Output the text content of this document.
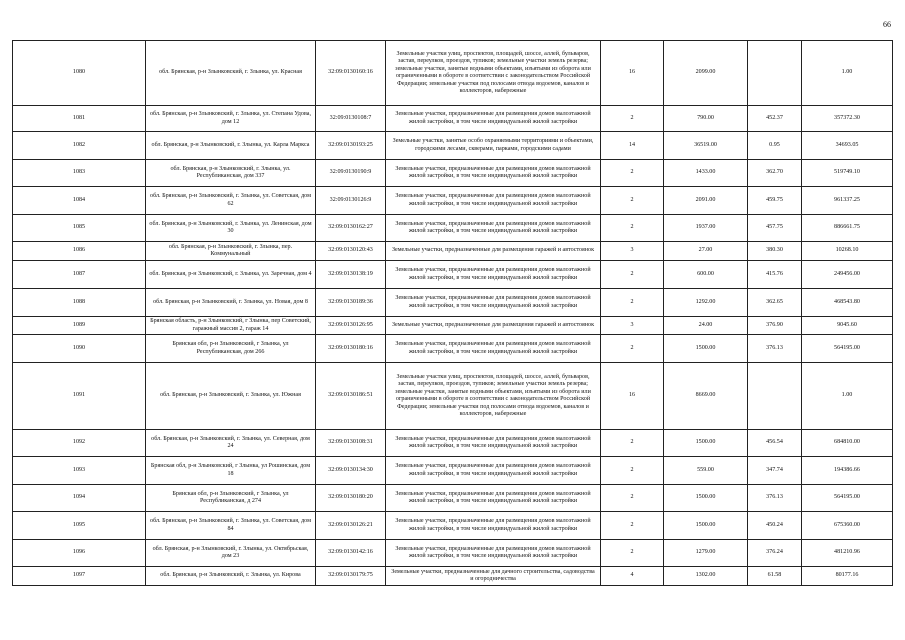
66
1080	обл. Брянская, р-н Злынковский, г. Злынка, ул. Красная	32:09:0130160:16	Земельные участки улиц, проспектов, площадей, шоссе, аллей, бульваров, застав, переулков, проездов, тупиков; земельные участки земель резерва; земельные участки, занятые водными объектами, изъятыми из оборота или ограниченными в обороте в соответствии с законодательством Российской Федерации; земельные участки под полосами отвода водоемов, каналов и коллекторов, набережные	16	2099.00		1.00
1081	обл. Брянская, р-н Злынковский, г. Злынка, ул. Степана Удова, дом 12	32:09:0130108:7	Земельные участки, предназначенные для размещения домов малоэтажной жилой застройки, в том числе индивидуальной жилой застройки	2	790.00	452.37	357372.30
1082	обл. Брянская, р-н Злынковский, г. Злынка, ул. Карла Маркса	32:09:0130193:25	Земельные участки, занятые особо охраняемыми территориями и объектами, городскими лесами, скверами, парками, городскими садами	14	36519.00	0.95	34693.05
1083	обл. Брянская, р-н Злынковский, г. Злынка, ул. Республиканская, дом 337	32:09:0130190:9	Земельные участки, предназначенные для размещения домов малоэтажной жилой застройки, в том числе индивидуальной жилой застройки	2	1433.00	362.70	519749.10
1084	обл. Брянская, р-н Злынковский, г. Злынка, ул. Советская, дом 62	32:09:0130126:9	Земельные участки, предназначенные для размещения домов малоэтажной жилой застройки, в том числе индивидуальной жилой застройки	2	2091.00	459.75	961337.25
1085	обл. Брянская, р-н Злынковский, г. Злынка, ул. Ленинская, дом 30	32:09:0130162:27	Земельные участки, предназначенные для размещения домов малоэтажной жилой застройки, в том числе индивидуальной жилой застройки	2	1937.00	457.75	886661.75
1086	обл. Брянская, р-н Злынковский, г. Злынка, пер. Коммунальный	32:09:0130120:43	Земельные участки, предназначенные для размещения гаражей и автостоянок	3	27.00	380.30	10268.10
1087	обл. Брянская, р-н Злынковский, г. Злынка, ул. Заречная, дом 4	32:09:0130138:19	Земельные участки, предназначенные для размещения домов малоэтажной жилой застройки, в том числе индивидуальной жилой застройки	2	600.00	415.76	249456.00
1088	обл. Брянская, р-н Злынковский, г. Злынка, ул. Новая, дом 8	32:09:0130189:36	Земельные участки, предназначенные для размещения домов малоэтажной жилой застройки, в том числе индивидуальной жилой застройки	2	1292.00	362.65	468543.80
1089	Брянская область, р-н Злынковский, г Злынка, пер Советский, гаражный массив 2, гараж 14	32:09:0130126:95	Земельные участки, предназначенные для размещения гаражей и автостоянок	3	24.00	376.90	9045.60
1090	Брянская обл, р-н Злынковский, г Злынка, ул Республиканская, дом 266	32:09:0130180:16	Земельные участки, предназначенные для размещения домов малоэтажной жилой застройки, в том числе индивидуальной жилой застройки	2	1500.00	376.13	564195.00
1091	обл. Брянская, р-н Злынковский, г. Злынка, ул. Южная	32:09:0130186:51	Земельные участки улиц, проспектов, площадей, шоссе, аллей, бульваров, застав, переулков, проездов, тупиков; земельные участки земель резерва; земельные участки, занятые водными объектами, изъятыми из оборота или ограниченными в обороте в соответствии с законодательством Российской Федерации; земельные участки под полосами отвода водоемов, каналов и коллекторов, набережные	16	8669.00		1.00
1092	обл. Брянская, р-н Злынковский, г. Злынка, ул. Северная, дом 24	32:09:0130108:31	Земельные участки, предназначенные для размещения домов малоэтажной жилой застройки, в том числе индивидуальной жилой застройки	2	1500.00	456.54	684810.00
1093	Брянская обл, р-н Злынковский, г Злынка, ул Рошинская, дом 18	32:09:0130134:30	Земельные участки, предназначенные для размещения домов малоэтажной жилой застройки, в том числе индивидуальной жилой застройки	2	559.00	347.74	194386.66
1094	Брянская обл, р-н Злынковский, г Злынка, ул Республиканская, д 274	32:09:0130180:20	Земельные участки, предназначенные для размещения домов малоэтажной жилой застройки, в том числе индивидуальной жилой застройки	2	1500.00	376.13	564195.00
1095	обл. Брянская, р-н Злынковский, г. Злынка, ул. Советская, дом 84	32:09:0130126:21	Земельные участки, предназначенные для размещения домов малоэтажной жилой застройки, в том числе индивидуальной жилой застройки	2	1500.00	450.24	675360.00
1096	обл. Брянская, р-н Злынковский, г. Злынка, ул. Октябрьская, дом 23	32:09:0130142:16	Земельные участки, предназначенные для размещения домов малоэтажной жилой застройки, в том числе индивидуальной жилой застройки	2	1279.00	376.24	481210.96
1097	обл. Брянская, р-н Злынковский, г. Злынка, ул. Кирова	32:09:0130179:75	Земельные участки, предназначенные для дачного строительства, садоводства и огородничества	4	1302.00	61.58	80177.16
